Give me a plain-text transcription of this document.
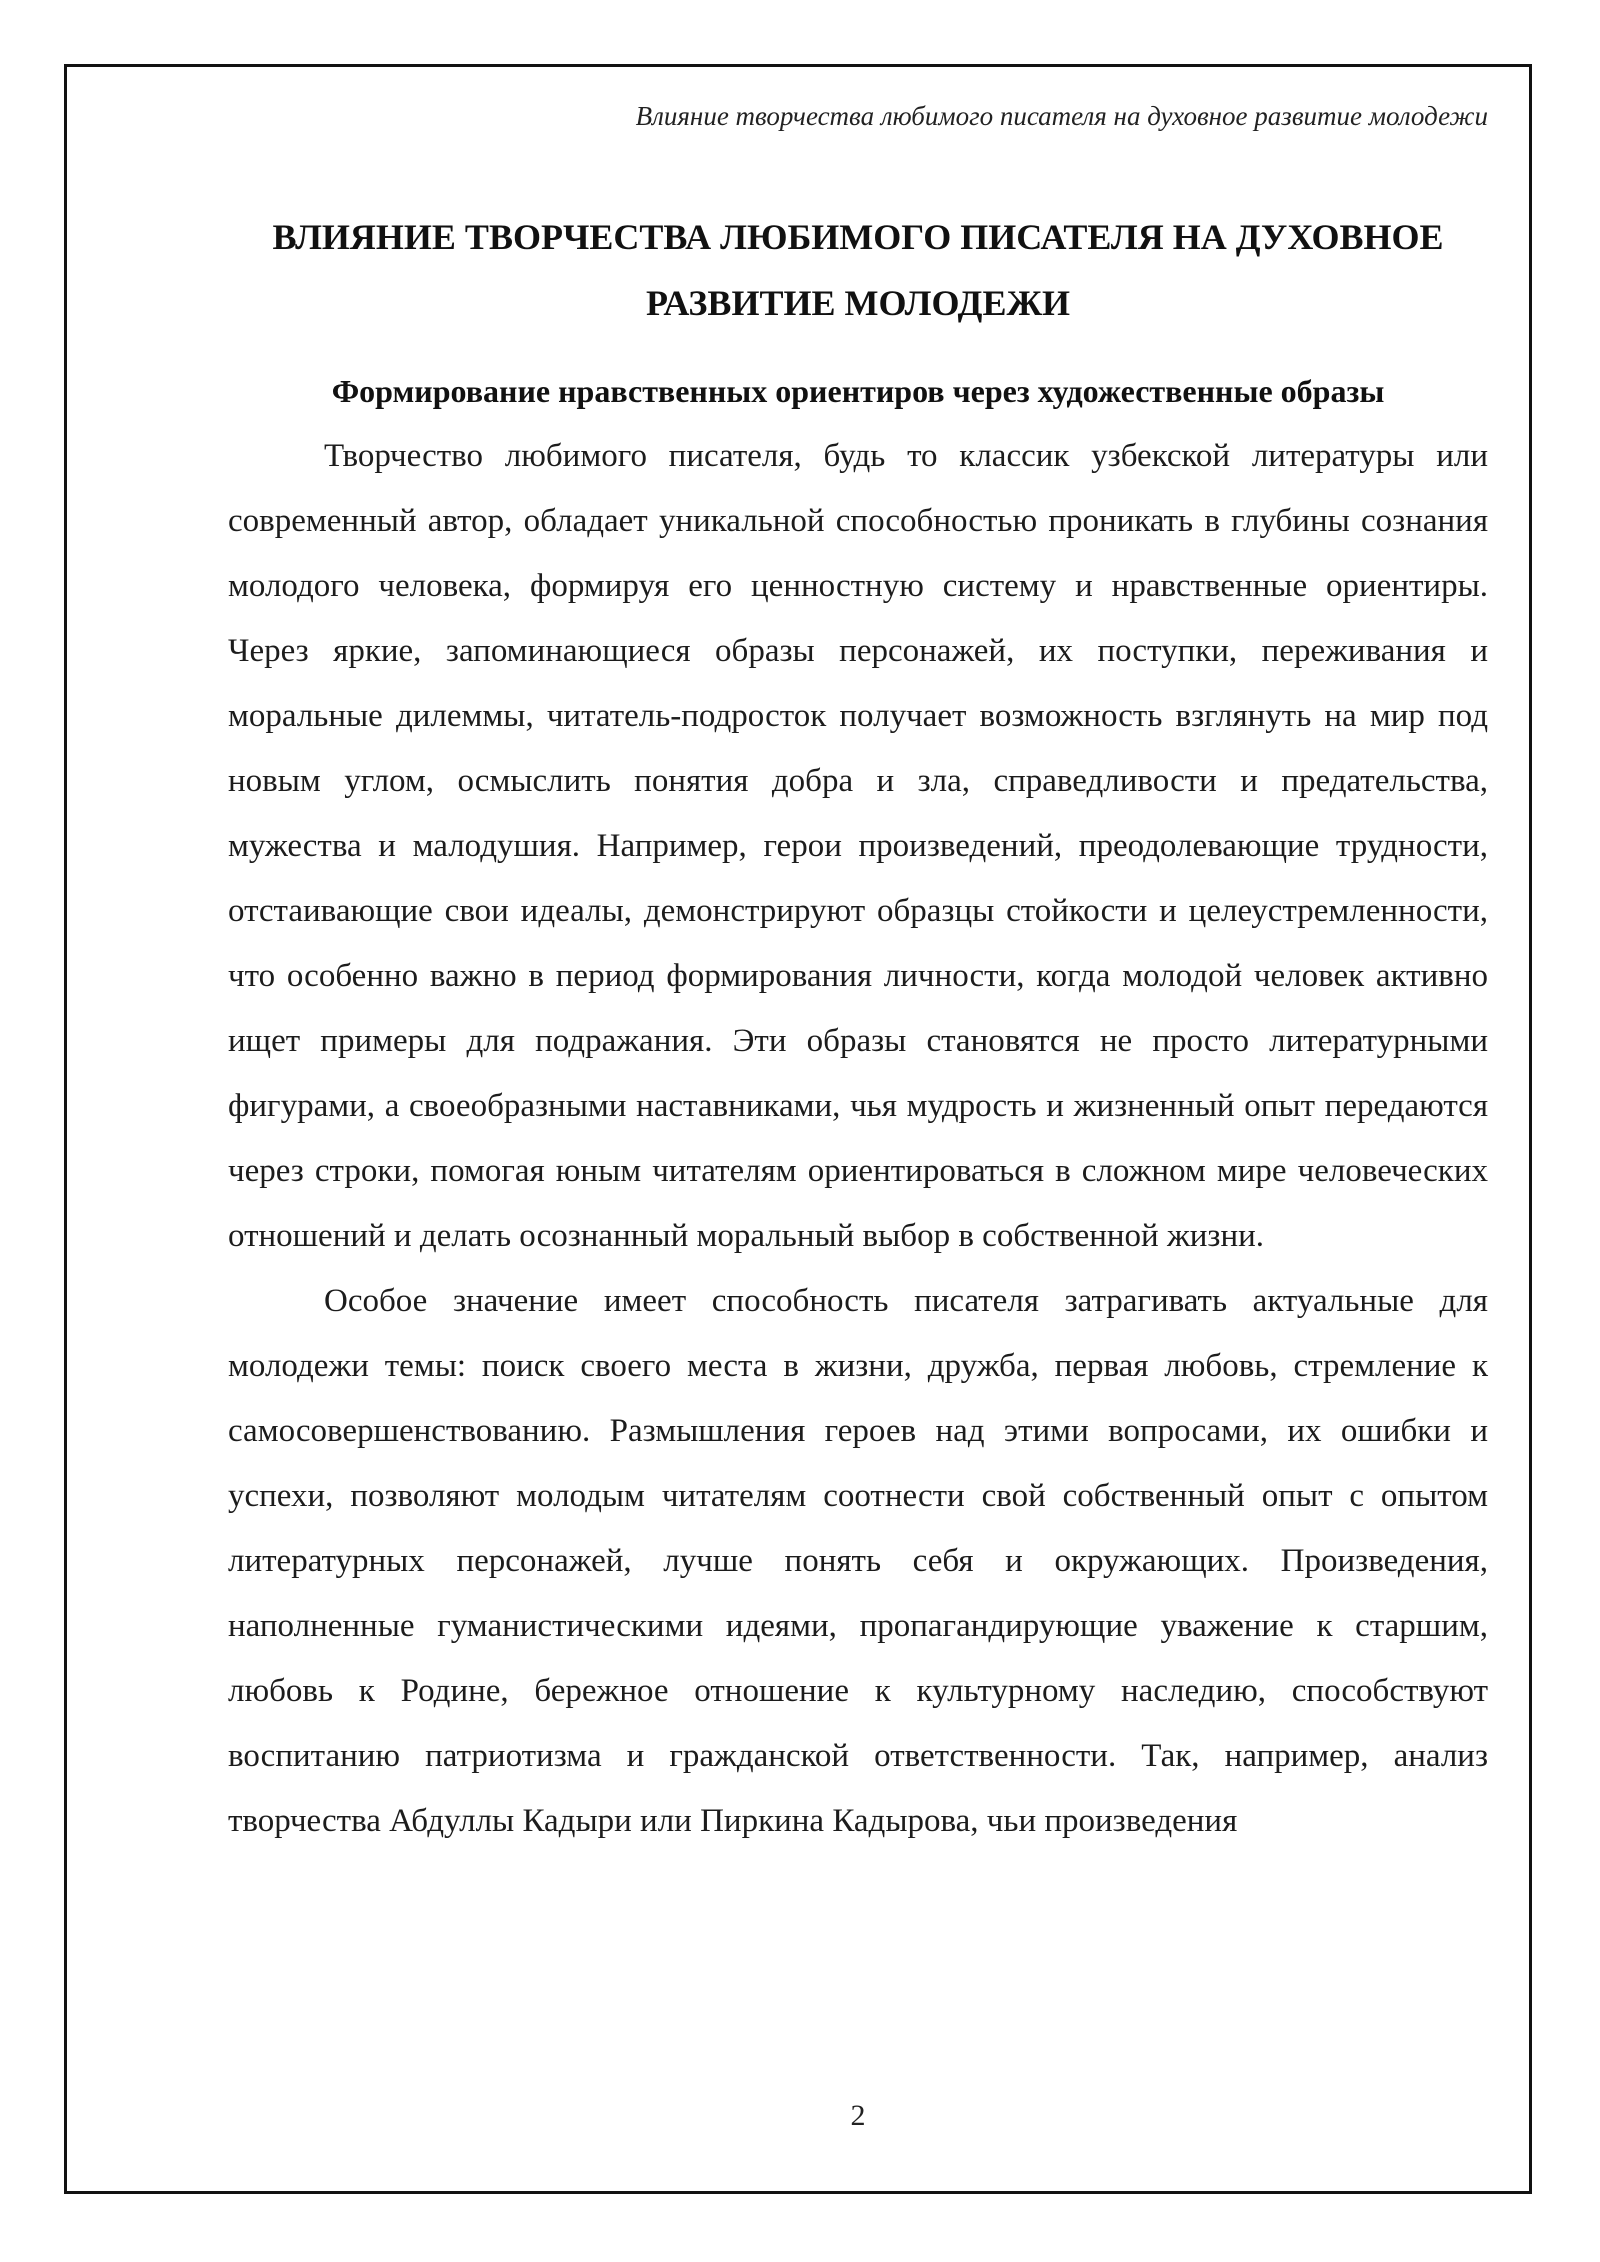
Влияние творчества любимого писателя на духовное развитие молодежи
ВЛИЯНИЕ ТВОРЧЕСТВА ЛЮБИМОГО ПИСАТЕЛЯ НА ДУХОВНОЕ
РАЗВИТИЕ МОЛОДЕЖИ
Формирование нравственных ориентиров через художественные образы

Творчество любимого писателя, будь то классик узбекской литературы или современный автор, обладает уникальной способностью проникать в глубины сознания молодого человека, формируя его ценностную систему и нравственные ориентиры. Через яркие, запоминающиеся образы персонажей, их поступки, переживания и моральные дилеммы, читатель-подросток получает возможность взглянуть на мир под новым углом, осмыслить понятия добра и зла, справедливости и предательства, мужества и малодушия. Например, герои произведений, преодолевающие трудности, отстаивающие свои идеалы, демонстрируют образцы стойкости и целеустремленности, что особенно важно в период формирования личности, когда молодой человек активно ищет примеры для подражания. Эти образы становятся не просто литературными фигурами, а своеобразными наставниками, чья мудрость и жизненный опыт передаются через строки, помогая юным читателям ориентироваться в сложном мире человеческих отношений и делать осознанный моральный выбор в собственной жизни.

Особое значение имеет способность писателя затрагивать актуальные для молодежи темы: поиск своего места в жизни, дружба, первая любовь, стремление к самосовершенствованию. Размышления героев над этими вопросами, их ошибки и успехи, позволяют молодым читателям соотнести свой собственный опыт с опытом литературных персонажей, лучше понять себя и окружающих. Произведения, наполненные гуманистическими идеями, пропагандирующие уважение к старшим, любовь к Родине, бережное отношение к культурному наследию, способствуют воспитанию патриотизма и гражданской ответственности. Так, например, анализ творчества Абдуллы Кадыри или Пиркина Кадырова, чьи произведения

2
